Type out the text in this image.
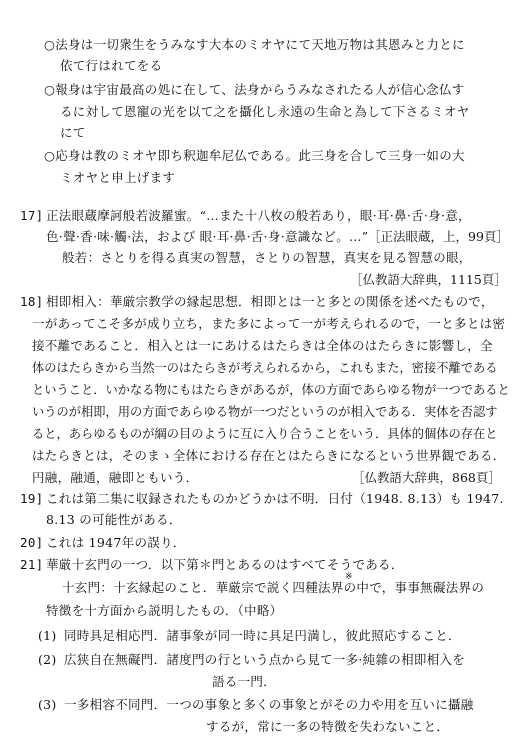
○法身は一切衆生をうみなす大本のミオヤにて天地万物は其恩みと力とに
依て行はれてをる
○報身は宇宙最高の処に在して、法身からうみなされたる人が信心念仏す
るに対して恩寵の光を以て之を攝化し永遠の生命と為して下さるミオヤ
にて
○応身は教のミオヤ即ち釈迦牟尼仏である。此三身を合して三身一如の大
ミオヤと申上げます
17] 正法眼蔵摩訶般若波羅蜜。“…また十八枚の般若あり，眼·耳·鼻·舌·身·意，
色·聲·香·味·觸·法，および 眼·耳·鼻·舌·身·意識など。…” ［正法眼蔵，上，99頁］
般若：さとりを得る真実の智慧，さとりの智慧，真実を見る智慧の眼，
［仏教語大辞典，1115頁］
18] 相即相入：華厳宗教学の縁起思想．相即とは一と多との関係を述べたもので，
一があってこそ多が成り立ち，また多によって一が考えられるので，一と多とは密
接不離であること．相入とは一にあけるはたらきは全体のはたらきに影響し，全
体のはたらきから当然一のはたらきが考えられるから，これもまた，密接不離である
ということ．いかなる物にもはたらきがあるが，体の方面であらゆる物が一つであると
いうのが相即，用の方面であらゆる物が一つだというのが相入である．実体を否認す
ると，あらゆるものが綱の目のように互に入り合うことをいう．具体的個体の存在と
はたらきとは，そのまゝ全体における存在とはたらきになるという世界観である．
円融，融通，融即ともいう．	［仏教語大辞典，868頁］
19] これは第二集に収録されたものかどうかは不明．日付（1948. 8.13）も 1947.
8.13 の可能性がある．
20] これは 1947年の誤り．
21] 華厳十玄門の一つ．以下第＊門とあるのはすべてそうである．
※
十玄門：十玄縁起のこと．華厳宗で説く四種法界の中で，事事無礙法界の
特徴を十方面から説明したもの．（中略）
(1) 同時具足相応門．諸事象が同一時に具足円満し，彼此照応すること．
(2) 広狭自在無礙門．諸度門の行という点から見て一多·純雜の相即相入を
語る一門．
(3) 一多相容不同門．一つの事象と多くの事象とがその力や用を互いに攝融
するが，常に一多の特徴を失わないこと．
